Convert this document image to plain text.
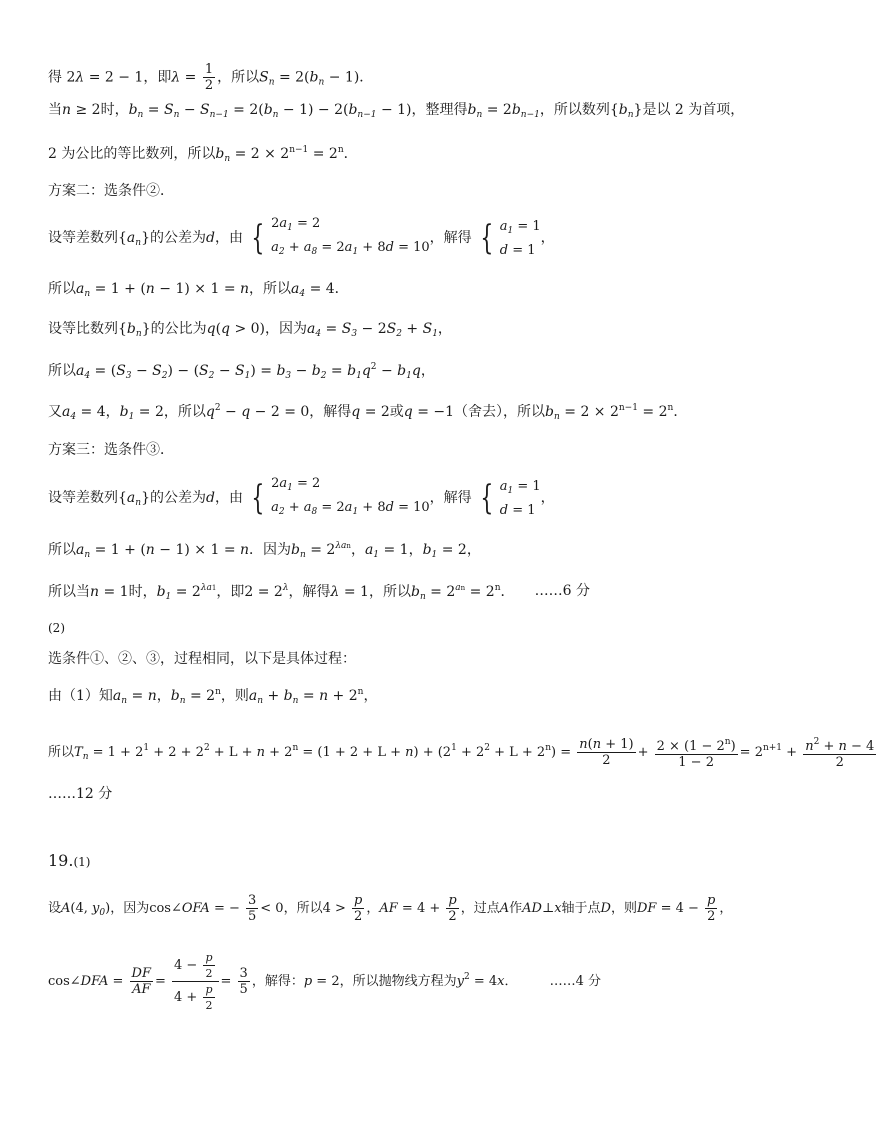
得 2λ = 2 − 1，即$\lambda = \frac{1}{2}$ ，所以$S_n = 2(b_n - 1)$．
当n ≥ 2时，$b_n = S_n - S_{n-1} = 2(b_n - 1) - 2(b_{n-1} - 1)$，整理得$b_n = 2b_{n-1}$，所以数列$\{b_n\}$是以 2 为首项，
2 为公比的等比数列，所以$b_n = 2 \times 2^{n-1} = 2^n$．
方案二：选条件②．
设等差数列$\{a_n\}$的公差为d，由 { $2a_1 = 2$
$a_2 + a_8 = 2a_1 + 8d = 10$
，解得 { $a_1 = 1$
d = 1
，
所以$a_n = 1 + (n - 1) \times 1 = n$，所以$a_4 = 4$．
设等比数列$\{b_n\}$的公比为q(q > 0)，因为$a_4 = S_3 - 2S_2 + S_1$，
所以$a_4 = (S_3 - S_2) - (S_2 - S_1) = b_3 - b_2 = b_1q^2 - b_1q$，
又$a_4 = 4$，$b_1 = 2$，所以$q^2 - q - 2 = 0$，解得q = 2或q = −1（舍去），所以$b_n = 2 \times 2^{n-1} = 2^n$．
方案三：选条件③．
设等差数列$\{a_n\}$的公差为d，由 { $2a_1 = 2$
$a_2 + a_8 = 2a_1 + 8d = 10$
，解得 { $a_1 = 1$
d = 1
，
所以$a_n = 1 + (n - 1) \times 1 = n$．因为$b_n = 2^{\lambda an}$，$a_1 = 1$，$b_1 = 2$，
所以当n = 1时，$b_1 = 2^{\lambda a1}$，即$2 = 2^\lambda$，解得λ = 1，所以$b_n = 2^{an} = 2^n$． ……6 分
(2)
选条件①、②、③，过程相同，以下是具体过程：
由（1）知$a_n = n$，$b_n = 2^n$，则$a_n + b_n = n + 2^n$，
所以$T_n = 1 + 2^1 + 2 + 2^2 + L + n + 2^n = (1 + 2 + L + n) + (2^1 + 2^2 + L + 2^n) = \frac{n(n + 1)}{2} + \frac{2 \times (1 - 2^n)}{1 - 2} = 2^{n+1} + \frac{n^2 + n - 4}{2}$
……12 分
19.(1)
设A(4, $y_0$)，因为cos∠OFA = − $\frac{3}{5} < 0$，所以$4 > \frac{p}{2}$ ，AF = $4 + \frac{p}{2}$ ，过点A作AD⊥x轴于点D，则DF = $4 - \frac{p}{2}$ ，
cos∠DFA = $\frac{DF}{AF} = \frac{4 - \frac{p}{2}}{4 + \frac{p}{2}} = \frac{3}{5}$ ，解得：p = 2，所以抛物线方程为$y^2 = 4x$． ……4 分
